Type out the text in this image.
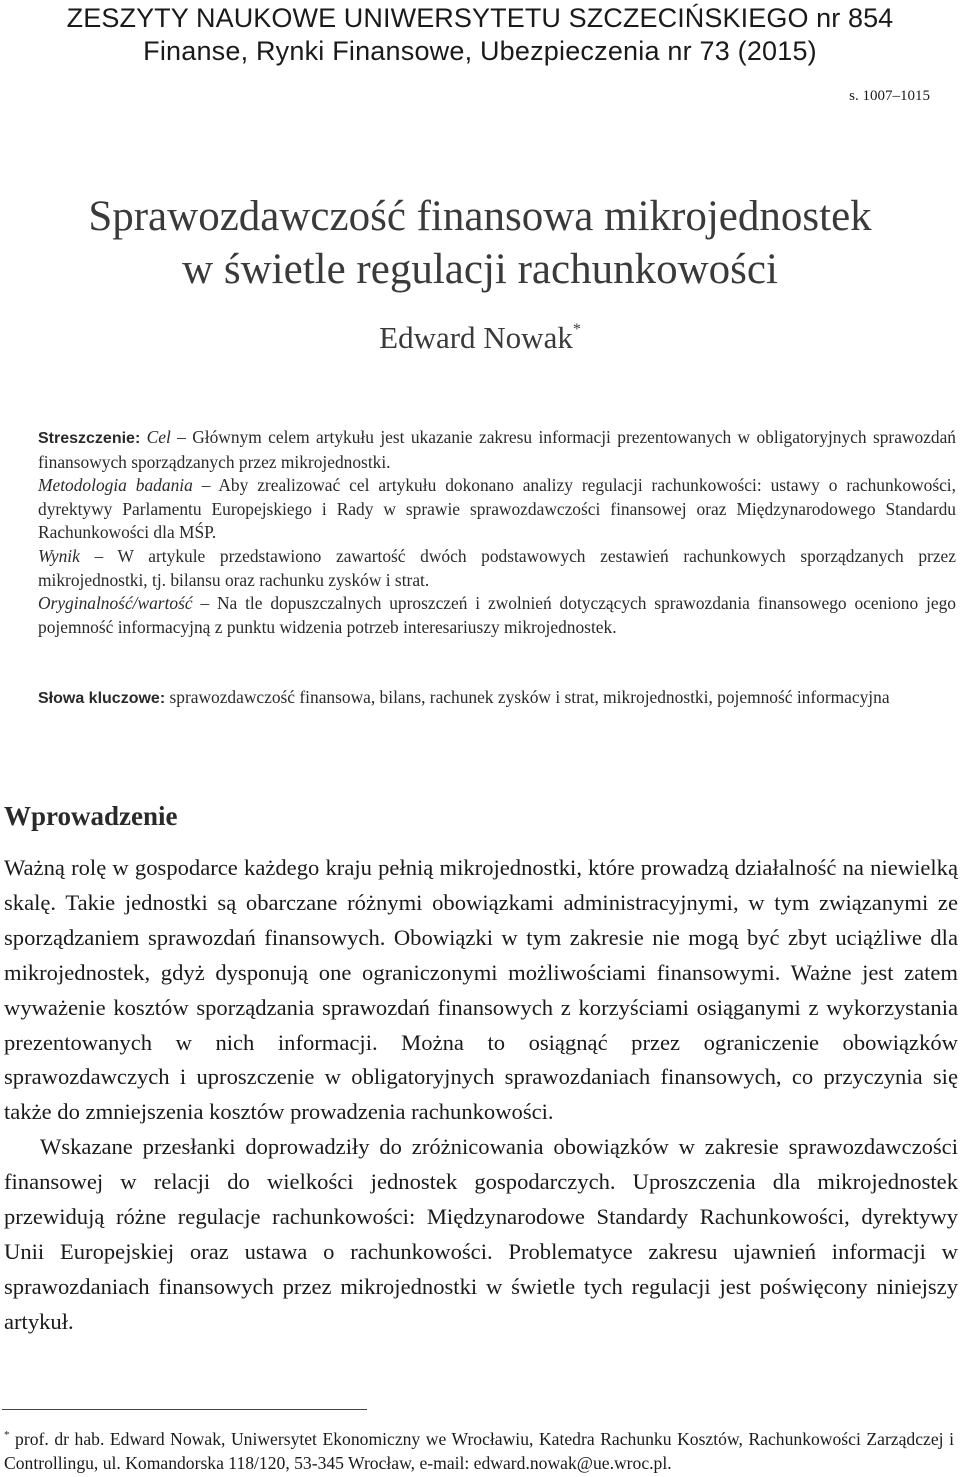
ZESZYTY NAUKOWE UNIWERSYTETU SZCZECIŃSKIEGO nr 854
Finanse, Rynki Finansowe, Ubezpieczenia nr 73 (2015)
s. 1007–1015
Sprawozdawczość finansowa mikrojednostek
w świetle regulacji rachunkowości
Edward Nowak*

Streszczenie: Cel – Głównym celem artykułu jest ukazanie zakresu informacji prezentowanych w obligatoryjnych sprawozdań finansowych sporządzanych przez mikrojednostki.

Metodologia badania – Aby zrealizować cel artykułu dokonano analizy regulacji rachunkowości: ustawy o rachunkowości, dyrektywy Parlamentu Europejskiego i Rady w sprawie sprawozdawczości finansowej oraz Międzynarodowego Standardu Rachunkowości dla MŚP.

Wynik – W artykule przedstawiono zawartość dwóch podstawowych zestawień rachunkowych sporządzanych przez mikrojednostki, tj. bilansu oraz rachunku zysków i strat.

Oryginalność/wartość – Na tle dopuszczalnych uproszczeń i zwolnień dotyczących sprawozdania finansowego oceniono jego pojemność informacyjną z punktu widzenia potrzeb interesariuszy mikrojednostek.

Słowa kluczowe: sprawozdawczość finansowa, bilans, rachunek zysków i strat, mikrojednostki, pojemność informacyjna
Wprowadzenie

Ważną rolę w gospodarce każdego kraju pełnią mikrojednostki, które prowadzą działalność na niewielką skalę. Takie jednostki są obarczane różnymi obowiązkami administracyjnymi, w tym związanymi ze sporządzaniem sprawozdań finansowych. Obowiązki w tym zakresie nie mogą być zbyt uciążliwe dla mikrojednostek, gdyż dysponują one ograniczonymi możliwościami finansowymi. Ważne jest zatem wyważenie kosztów sporządzania sprawozdań finansowych z korzyściami osiąganymi z wykorzystania prezentowanych w nich informacji. Można to osiągnąć przez ograniczenie obowiązków sprawozdawczych i uproszczenie w obligatoryjnych sprawozdaniach finansowych, co przyczynia się także do zmniejszenia kosztów prowadzenia rachunkowości.

Wskazane przesłanki doprowadziły do zróżnicowania obowiązków w zakresie sprawozdawczości finansowej w relacji do wielkości jednostek gospodarczych. Uproszczenia dla mikrojednostek przewidują różne regulacje rachunkowości: Międzynarodowe Standardy Rachunkowości, dyrektywy Unii Europejskiej oraz ustawa o rachunkowości. Problematyce zakresu ujawnień informacji w sprawozdaniach finansowych przez mikrojednostki w świetle tych regulacji jest poświęcony niniejszy artykuł.

* prof. dr hab. Edward Nowak, Uniwersytet Ekonomiczny we Wrocławiu, Katedra Rachunku Kosztów, Rachunkowości Zarządczej i Controllingu, ul. Komandorska 118/120, 53-345 Wrocław, e-mail: edward.nowak@ue.wroc.pl.
